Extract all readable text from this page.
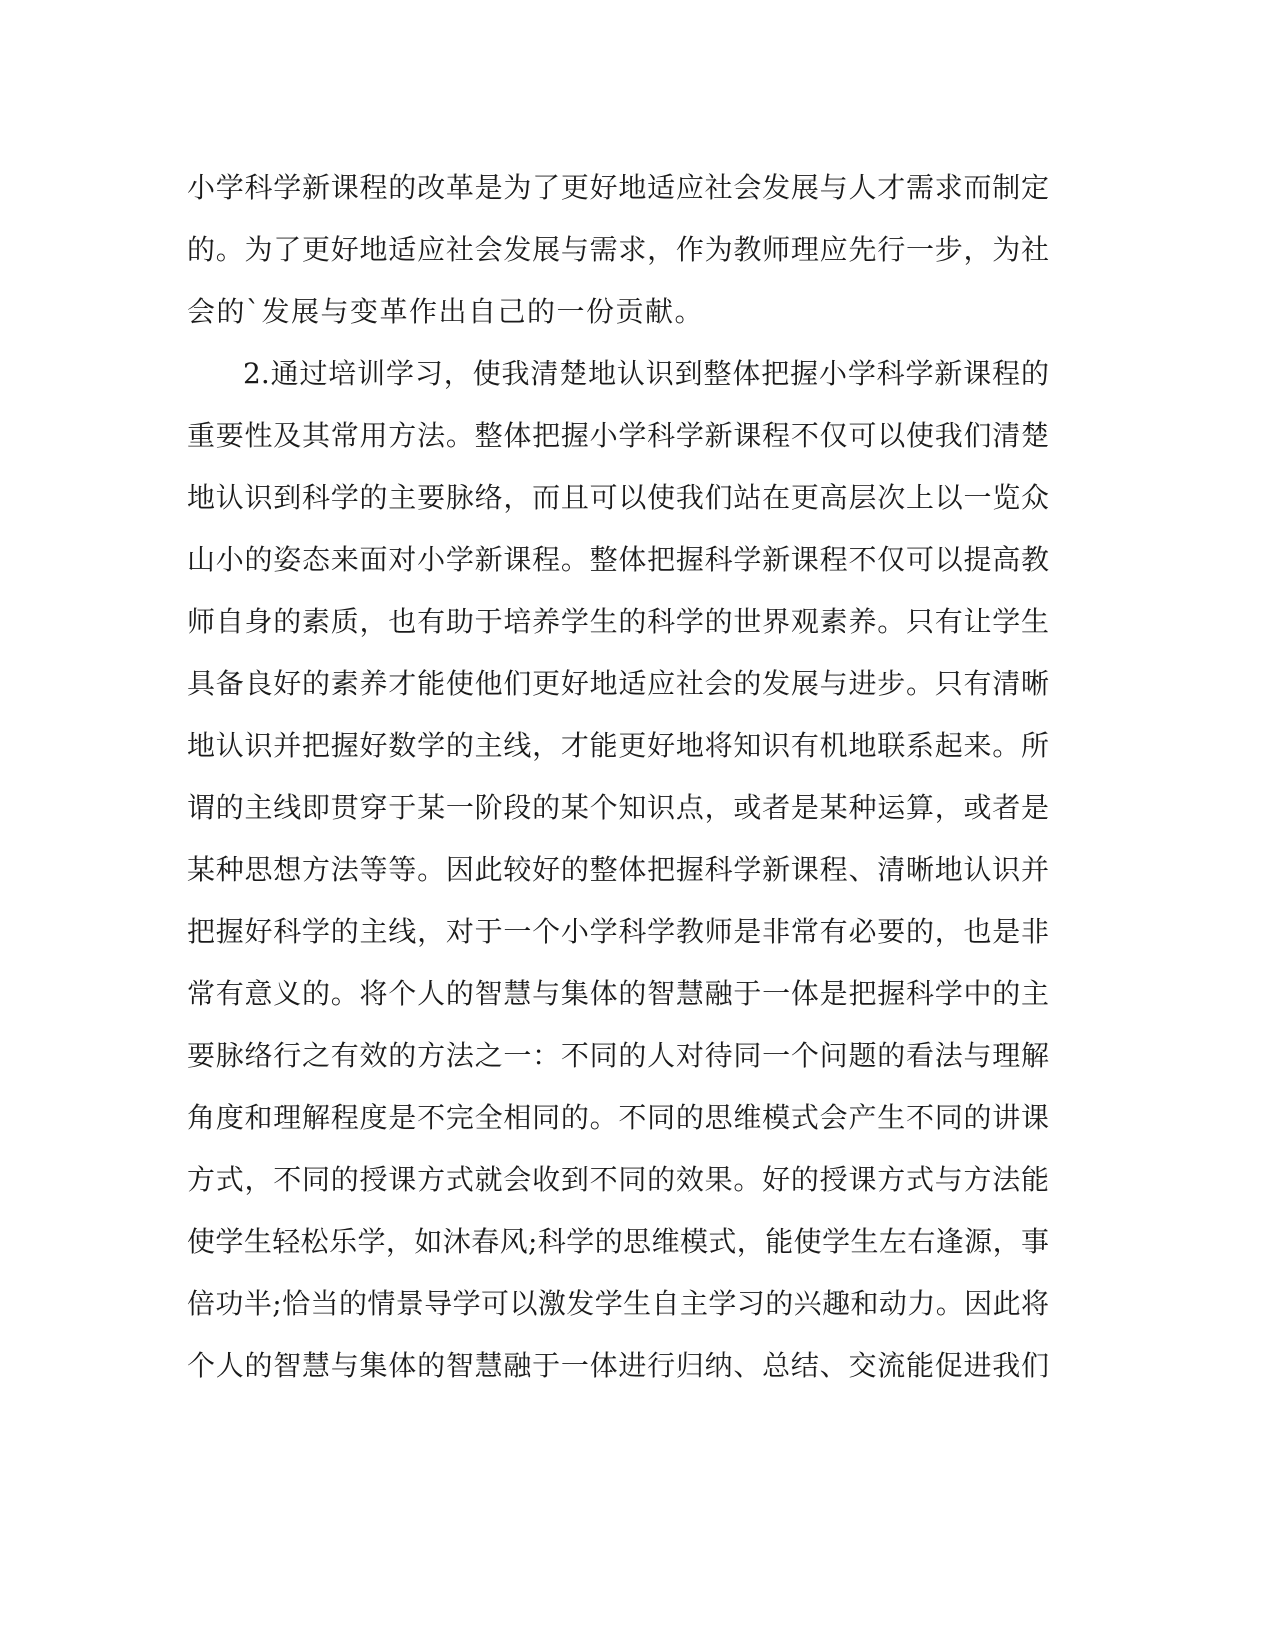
小学科学新课程的改革是为了更好地适应社会发展与人才需求而制定
的。为了更好地适应社会发展与需求，作为教师理应先行一步，为社
会的`发展与变革作出自己的一份贡献。
2.通过培训学习，使我清楚地认识到整体把握小学科学新课程的
重要性及其常用方法。整体把握小学科学新课程不仅可以使我们清楚
地认识到科学的主要脉络，而且可以使我们站在更高层次上以一览众
山小的姿态来面对小学新课程。整体把握科学新课程不仅可以提高教
师自身的素质，也有助于培养学生的科学的世界观素养。只有让学生
具备良好的素养才能使他们更好地适应社会的发展与进步。只有清晰
地认识并把握好数学的主线，才能更好地将知识有机地联系起来。所
谓的主线即贯穿于某一阶段的某个知识点，或者是某种运算，或者是
某种思想方法等等。因此较好的整体把握科学新课程、清晰地认识并
把握好科学的主线，对于一个小学科学教师是非常有必要的，也是非
常有意义的。将个人的智慧与集体的智慧融于一体是把握科学中的主
要脉络行之有效的方法之一：不同的人对待同一个问题的看法与理解
角度和理解程度是不完全相同的。不同的思维模式会产生不同的讲课
方式，不同的授课方式就会收到不同的效果。好的授课方式与方法能
使学生轻松乐学，如沐春风;科学的思维模式，能使学生左右逢源，事
倍功半;恰当的情景导学可以激发学生自主学习的兴趣和动力。因此将
个人的智慧与集体的智慧融于一体进行归纳、总结、交流能促进我们
